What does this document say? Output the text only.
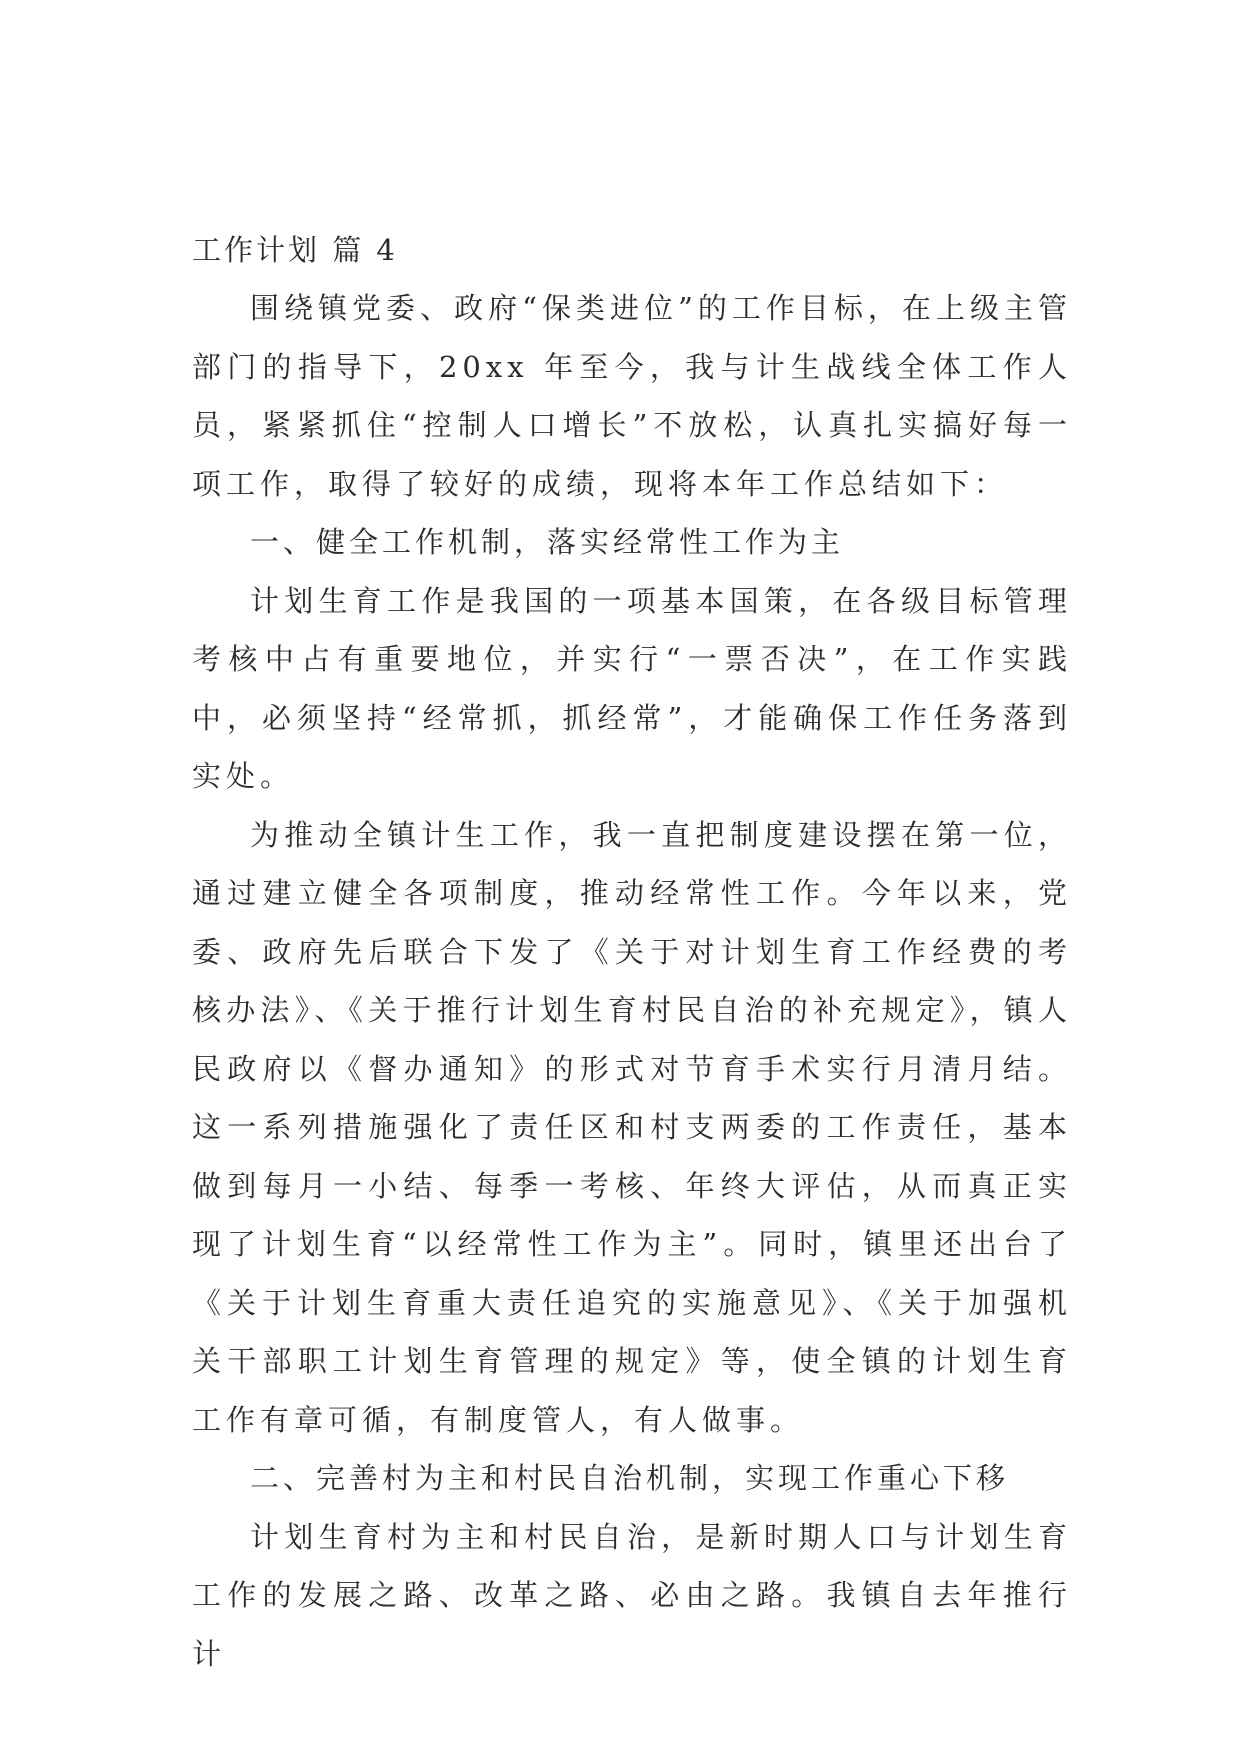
工作计划 篇 4

围绕镇党委、政府“保类进位”的工作目标，在上级主管部门的指导下，20xx 年至今，我与计生战线全体工作人员，紧紧抓住“控制人口增长”不放松，认真扎实搞好每一项工作，取得了较好的成绩，现将本年工作总结如下：

一、健全工作机制，落实经常性工作为主

计划生育工作是我国的一项基本国策，在各级目标管理考核中占有重要地位，并实行“一票否决”，在工作实践中，必须坚持“经常抓，抓经常”，才能确保工作任务落到实处。

为推动全镇计生工作，我一直把制度建设摆在第一位，通过建立健全各项制度，推动经常性工作。今年以来，党委、政府先后联合下发了《关于对计划生育工作经费的考核办法》、《关于推行计划生育村民自治的补充规定》，镇人民政府以《督办通知》的形式对节育手术实行月清月结。这一系列措施强化了责任区和村支两委的工作责任，基本做到每月一小结、每季一考核、年终大评估，从而真正实现了计划生育“以经常性工作为主”。同时，镇里还出台了《关于计划生育重大责任追究的实施意见》、《关于加强机关干部职工计划生育管理的规定》等，使全镇的计划生育工作有章可循，有制度管人，有人做事。

二、完善村为主和村民自治机制，实现工作重心下移

计划生育村为主和村民自治，是新时期人口与计划生育工作的发展之路、改革之路、必由之路。我镇自去年推行计
